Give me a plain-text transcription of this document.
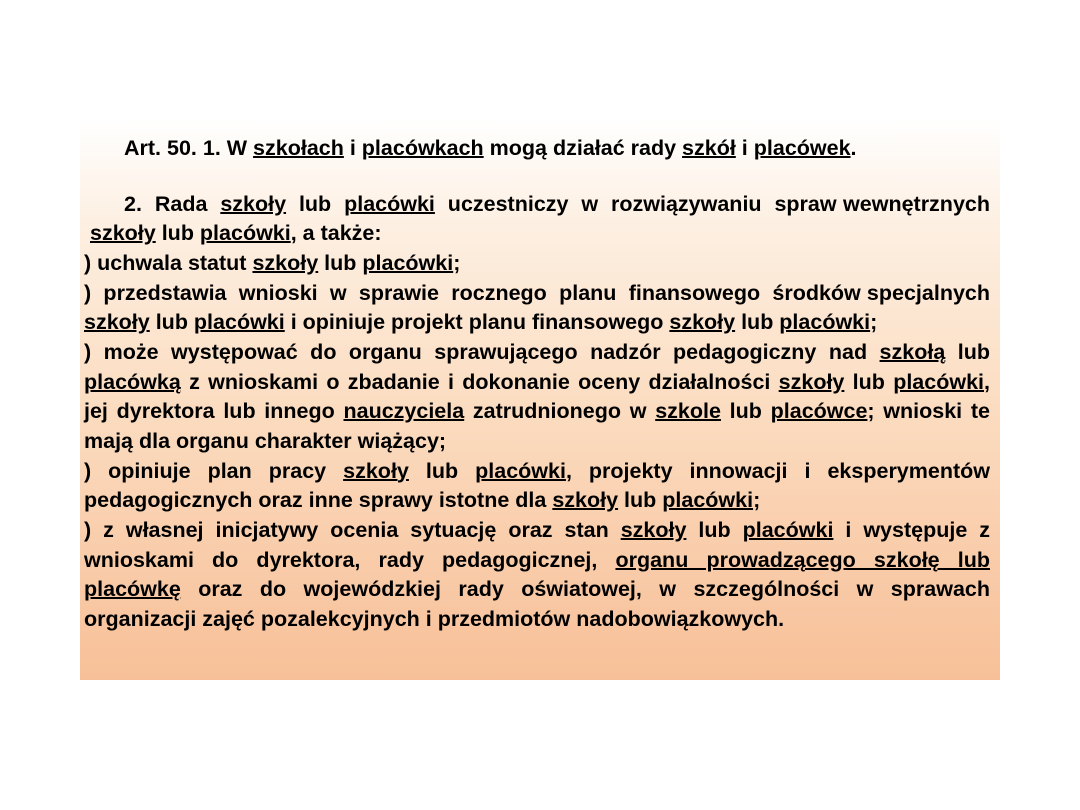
Art. 50. 1. W szkołach i placówkach mogą działać rady szkół i placówek.

2.  Rada  szkoły  lub  placówki  uczestniczy  w  rozwiązywaniu  spraw wewnętrznych szkoły lub placówki, a także:

) uchwala statut szkoły lub placówki;

)  przedstawia  wnioski  w  sprawie  rocznego  planu  finansowego  środków specjalnych szkoły lub placówki i opiniuje projekt planu finansowego szkoły lub placówki;

) może występować do organu sprawującego nadzór pedagogiczny nad szkołą lub placówką z wnioskami o zbadanie i dokonanie oceny działalności szkoły lub placówki, jej dyrektora lub innego nauczyciela zatrudnionego w szkole lub placówce; wnioski te mają dla organu charakter wiążący;

) opiniuje plan pracy szkoły lub placówki, projekty innowacji i eksperymentów pedagogicznych oraz inne sprawy istotne dla szkoły lub placówki;

) z własnej inicjatywy ocenia sytuację oraz stan szkoły lub placówki i występuje z wnioskami do dyrektora, rady pedagogicznej, organu prowadzącego szkołę lub placówkę oraz do wojewódzkiej rady oświatowej, w szczególności w sprawach organizacji zajęć pozalekcyjnych i przedmiotów nadobowiązkowych.
